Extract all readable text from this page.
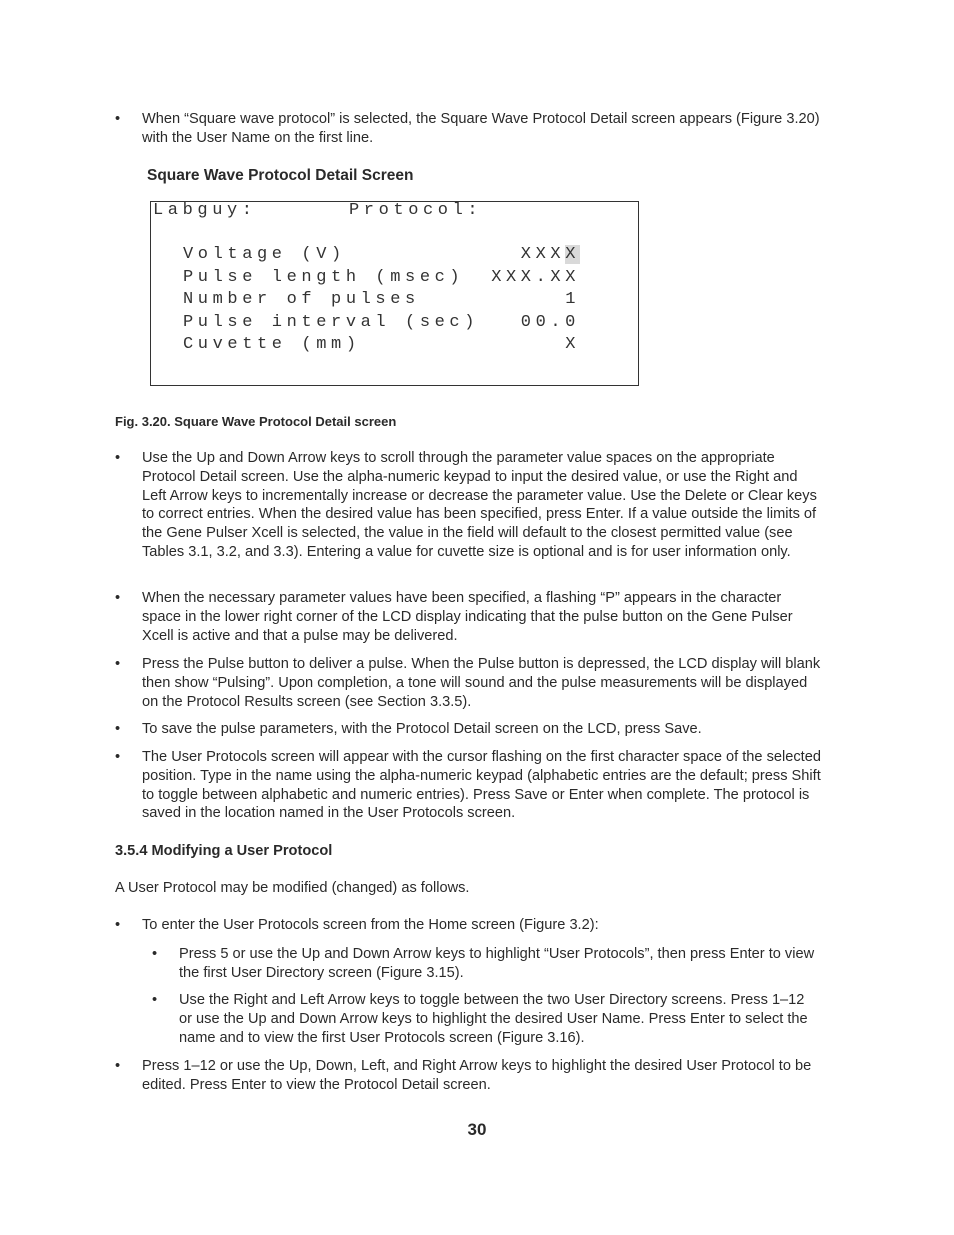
• When “Square wave protocol” is selected, the Square Wave Protocol Detail screen appears (Figure 3.20) with the User Name on the first line.
Square Wave Protocol Detail Screen
Labguy:	Protocol:
Voltage (V)	XXXX
Pulse length (msec) XXX.XX
Number of pulses	1
Pulse interval (sec) 00.0
Cuvette (mm)	X
Fig. 3.20. Square Wave Protocol Detail screen
• Use the Up and Down Arrow keys to scroll through the parameter value spaces on the appropriate Protocol Detail screen. Use the alpha-numeric keypad to input the desired value, or use the Right and Left Arrow keys to incrementally increase or decrease the parameter value. Use the Delete or Clear keys to correct entries. When the desired value has been specified, press Enter. If a value outside the limits of the Gene Pulser Xcell is selected, the value in the field will default to the closest permitted value (see Tables 3.1, 3.2, and 3.3). Entering a value for cuvette size is optional and is for user information only.
• When the necessary parameter values have been specified, a flashing “P” appears in the character space in the lower right corner of the LCD display indicating that the pulse button on the Gene Pulser Xcell is active and that a pulse may be delivered.
• Press the Pulse button to deliver a pulse. When the Pulse button is depressed, the LCD display will blank then show “Pulsing”. Upon completion, a tone will sound and the pulse measurements will be displayed on the Protocol Results screen (see Section 3.3.5).
• To save the pulse parameters, with the Protocol Detail screen on the LCD, press Save.
• The User Protocols screen will appear with the cursor flashing on the first character space of the selected position. Type in the name using the alpha-numeric keypad (alphabetic entries are the default; press Shift to toggle between alphabetic and numeric entries). Press Save or Enter when complete. The protocol is saved in the location named in the User Protocols screen.
3.5.4 Modifying a User Protocol
A User Protocol may be modified (changed) as follows.
• To enter the User Protocols screen from the Home screen (Figure 3.2):
• Press 5 or use the Up and Down Arrow keys to highlight “User Protocols”, then press Enter to view the first User Directory screen (Figure 3.15).
• Use the Right and Left Arrow keys to toggle between the two User Directory screens. Press 1–12 or use the Up and Down Arrow keys to highlight the desired User Name. Press Enter to select the name and to view the first User Protocols screen (Figure 3.16).
• Press 1–12 or use the Up, Down, Left, and Right Arrow keys to highlight the desired User Protocol to be edited. Press Enter to view the Protocol Detail screen.
30
